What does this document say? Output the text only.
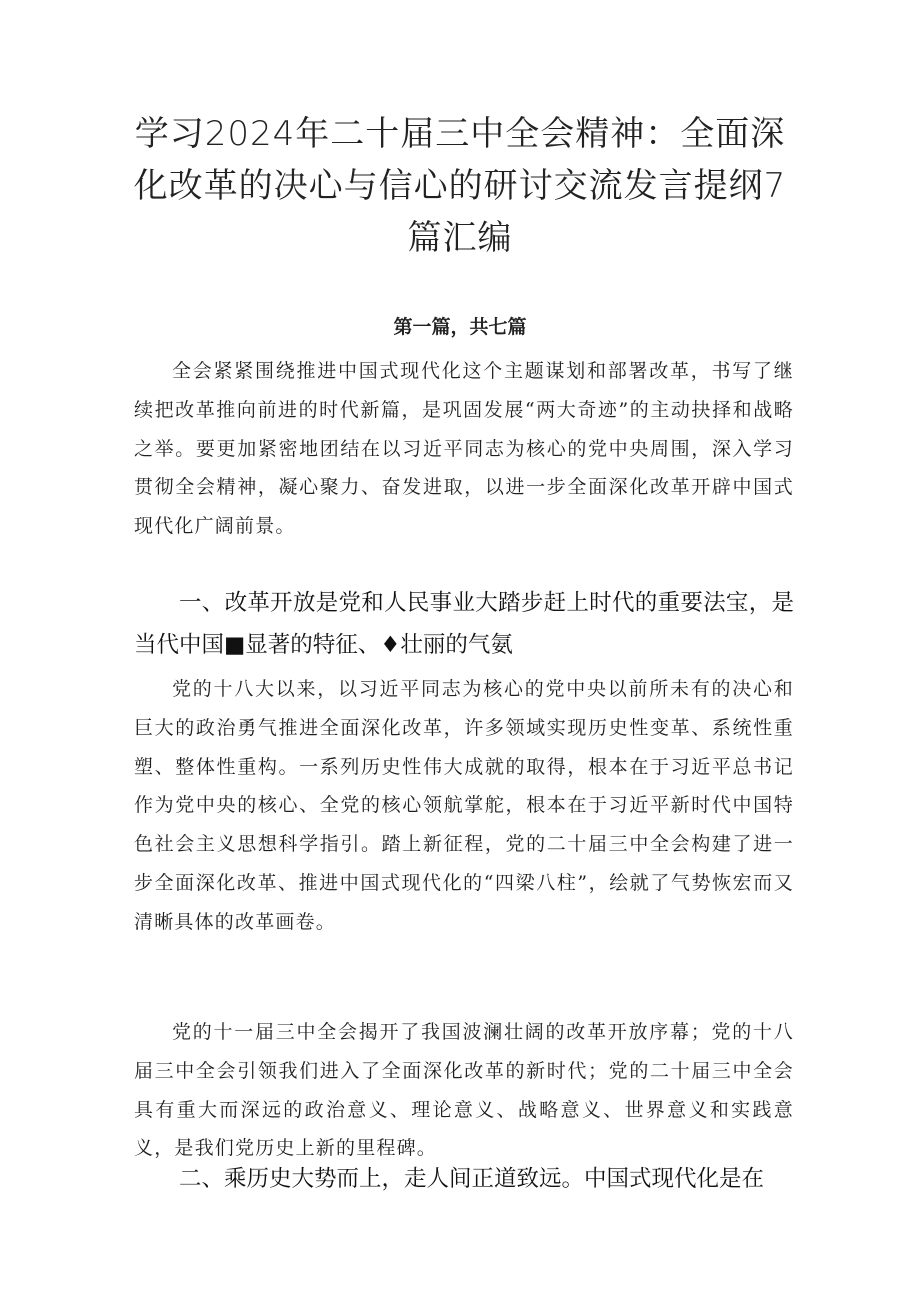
学习2024年二十届三中全会精神：全面深化改革的决心与信心的研讨交流发言提纲7篇汇编
第一篇，共七篇
全会紧紧围绕推进中国式现代化这个主题谋划和部署改革，书写了继续把改革推向前进的时代新篇，是巩固发展“两大奇迹”的主动抉择和战略之举。要更加紧密地团结在以习近平同志为核心的党中央周围，深入学习贯彻全会精神，凝心聚力、奋发进取，以进一步全面深化改革开辟中国式现代化广阔前景。
一、改革开放是党和人民事业大踏步赶上时代的重要法宝，是当代中国■显著的特征、♦壮丽的气氨
党的十八大以来，以习近平同志为核心的党中央以前所未有的决心和巨大的政治勇气推进全面深化改革，许多领域实现历史性变革、系统性重塑、整体性重构。一系列历史性伟大成就的取得，根本在于习近平总书记作为党中央的核心、全党的核心领航掌舵，根本在于习近平新时代中国特色社会主义思想科学指引。踏上新征程，党的二十届三中全会构建了进一步全面深化改革、推进中国式现代化的“四梁八柱”，绘就了气势恢宏而又清晰具体的改革画卷。
党的十一届三中全会揭开了我国波澜壮阔的改革开放序幕；党的十八届三中全会引领我们进入了全面深化改革的新时代；党的二十届三中全会具有重大而深远的政治意义、理论意义、战略意义、世界意义和实践意义，是我们党历史上新的里程碑。
二、乘历史大势而上，走人间正道致远。中国式现代化是在
